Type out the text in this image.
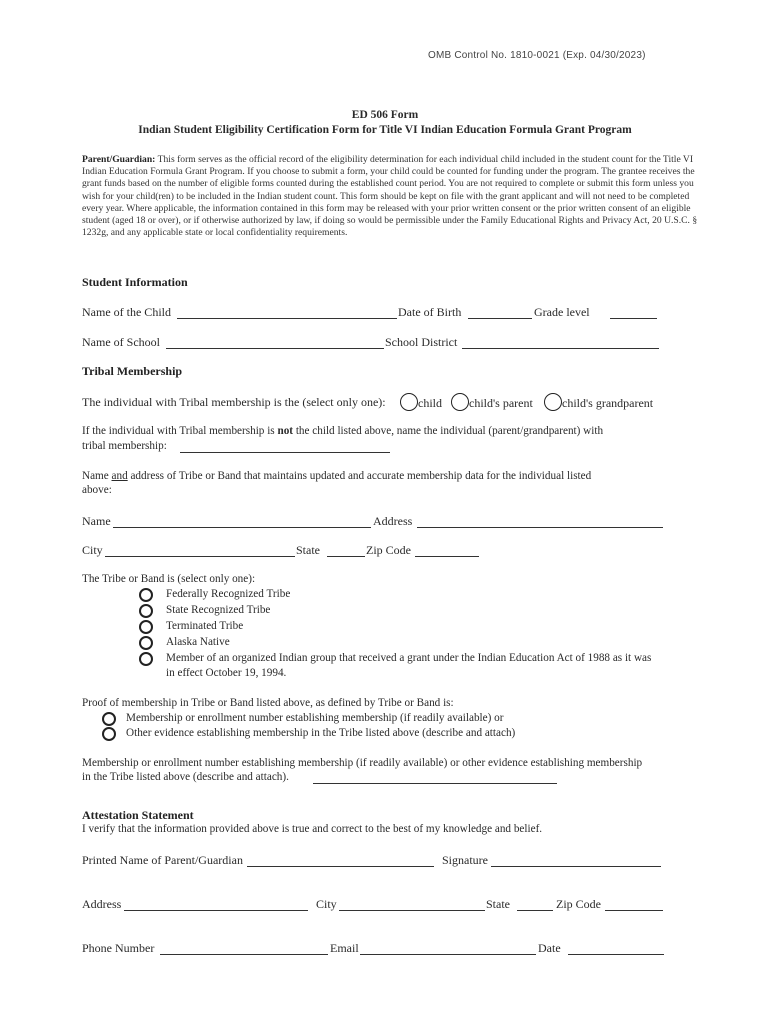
OMB Control No. 1810-0021 (Exp. 04/30/2023)
ED 506 Form
Indian Student Eligibility Certification Form for Title VI Indian Education Formula Grant Program
Parent/Guardian: This form serves as the official record of the eligibility determination for each individual child included in the student count for the Title VI Indian Education Formula Grant Program. If you choose to submit a form, your child could be counted for funding under the program. The grantee receives the grant funds based on the number of eligible forms counted during the established count period. You are not required to complete or submit this form unless you wish for your child(ren) to be included in the Indian student count. This form should be kept on file with the grant applicant and will not need to be completed every year. Where applicable, the information contained in this form may be released with your prior written consent or the prior written consent of an eligible student (aged 18 or over), or if otherwise authorized by law, if doing so would be permissible under the Family Educational Rights and Privacy Act, 20 U.S.C. § 1232g, and any applicable state or local confidentiality requirements.
Student Information
Name of the Child	Date of Birth	Grade level
Name of School	School District
Tribal Membership
The individual with Tribal membership is the (select only one):	child	child's parent	child's grandparent
If the individual with Tribal membership is not the child listed above, name the individual (parent/grandparent) with
tribal membership:
Name and address of Tribe or Band that maintains updated and accurate membership data for the individual listed
above:
Name	Address
City	State	Zip Code
The Tribe or Band is (select only one):
Federally Recognized Tribe
State Recognized Tribe
Terminated Tribe
Alaska Native
Member of an organized Indian group that received a grant under the Indian Education Act of 1988 as it was
in effect October 19, 1994.
Proof of membership in Tribe or Band listed above, as defined by Tribe or Band is:
Membership or enrollment number establishing membership (if readily available) or
Other evidence establishing membership in the Tribe listed above (describe and attach)
Membership or enrollment number establishing membership (if readily available) or other evidence establishing membership
in the Tribe listed above (describe and attach).
Attestation Statement
I verify that the information provided above is true and correct to the best of my knowledge and belief.
Printed Name of Parent/Guardian	Signature
Address	City	State	Zip Code
Phone Number	Email	Date
